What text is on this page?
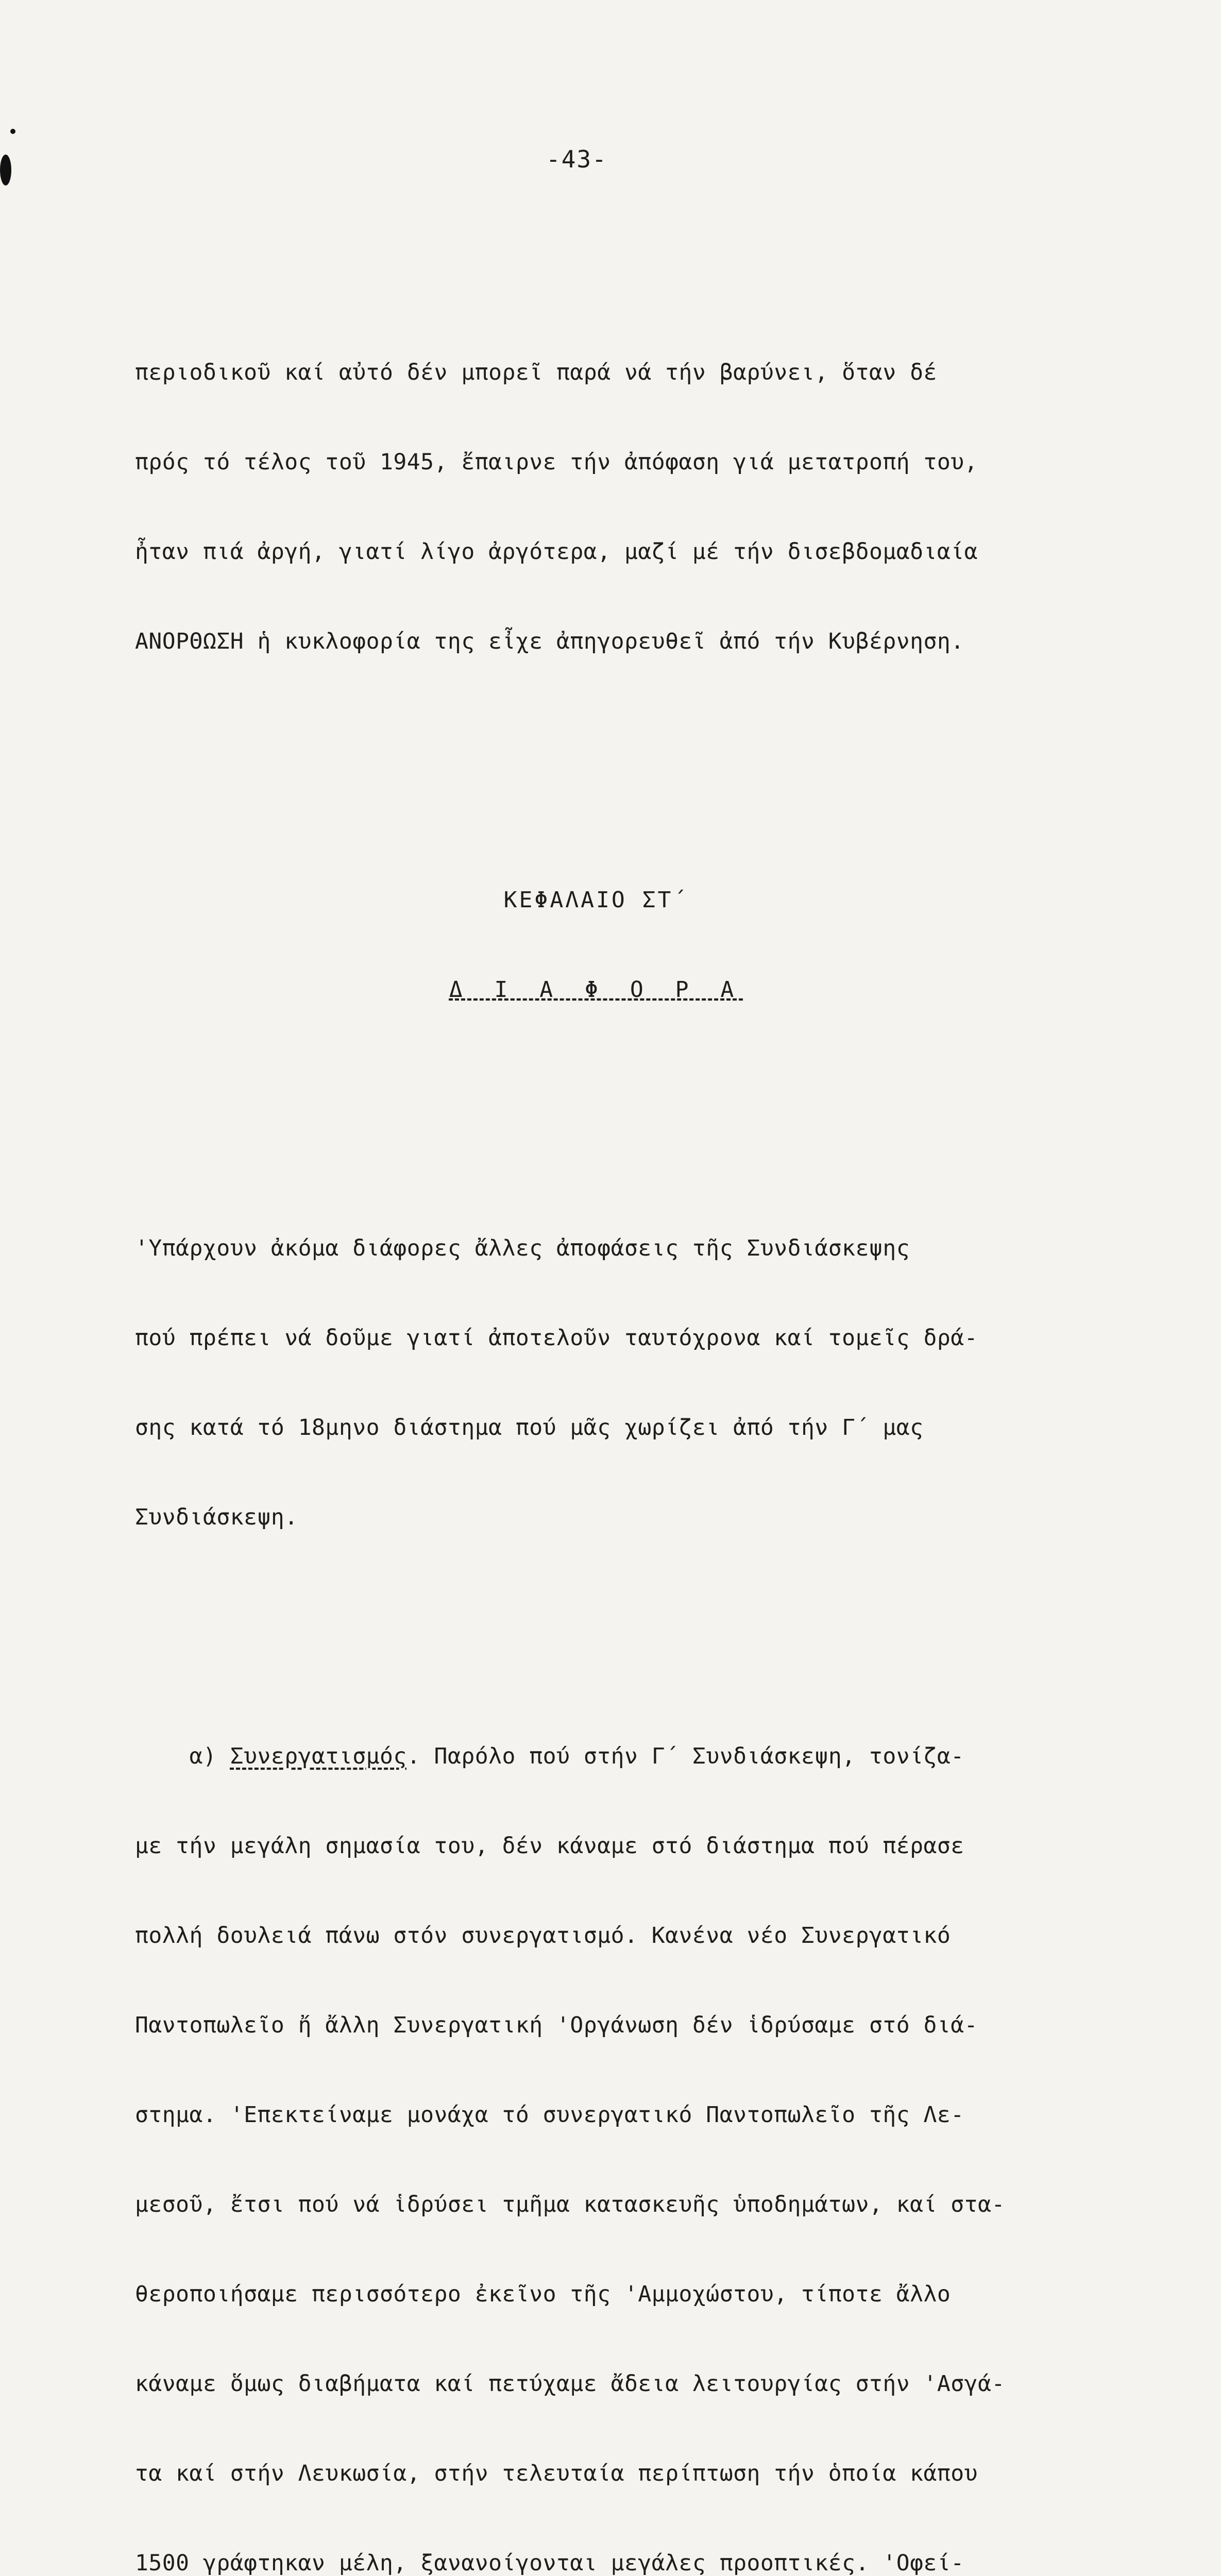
-43-

περιοδικοῦ καί αὐτό δέν μπορεῖ παρά νά τήν βαρύνει, ὅταν δέ

πρός τό τέλος τοῦ 1945, ἔπαιρνε τήν ἀπόφαση γιά μετατροπή του,

ἦταν πιά ἀργή, γιατί λίγο ἀργότερα, μαζί μέ τήν δισεβδομαδιαία

ΑΝΟΡΘΩΣΗ ἡ κυκλοφορία της εἶχε ἀπηγορευθεῖ ἀπό τήν Κυβέρνηση.

ΚΕΦΑΛΑΙΟ ΣΤ΄

Δ Ι Α Φ Ο Ρ Α

'Υπάρχουν ἀκόμα διάφορες ἄλλες ἀποφάσεις τῆς Συνδιάσκεψης

πού πρέπει νά δοῦμε γιατί ἀποτελοῦν ταυτόχρονα καί τομεῖς δρά-

σης κατά τό 18μηνο διάστημα πού μᾶς χωρίζει ἀπό τήν Γ΄ μας

Συνδιάσκεψη.

α) Συνεργατισμός. Παρόλο πού στήν Γ΄ Συνδιάσκεψη, τονίζα-

με τήν μεγάλη σημασία του, δέν κάναμε στό διάστημα πού πέρασε

πολλή δουλειά πάνω στόν συνεργατισμό. Κανένα νέο Συνεργατικό

Παντοπωλεῖο ἤ ἄλλη Συνεργατική 'Οργάνωση δέν ἱδρύσαμε στό διά-

στημα. 'Επεκτείναμε μονάχα τό συνεργατικό Παντοπωλεῖο τῆς Λε-

μεσοῦ, ἔτσι πού νά ἱδρύσει τμῆμα κατασκευῆς ὑποδημάτων, καί στα-

θεροποιήσαμε περισσότερο ἐκεῖνο τῆς 'Αμμοχώστου, τίποτε ἄλλο

κάναμε ὅμως διαβήματα καί πετύχαμε ἄδεια λειτουργίας στήν 'Ασγά-

τα καί στήν Λευκωσία, στήν τελευταία περίπτωση τήν ὁποία κάπου

1500 γράφτηκαν μέλη, ξανανοίγονται μεγάλες προοπτικές. 'Οφεί-
